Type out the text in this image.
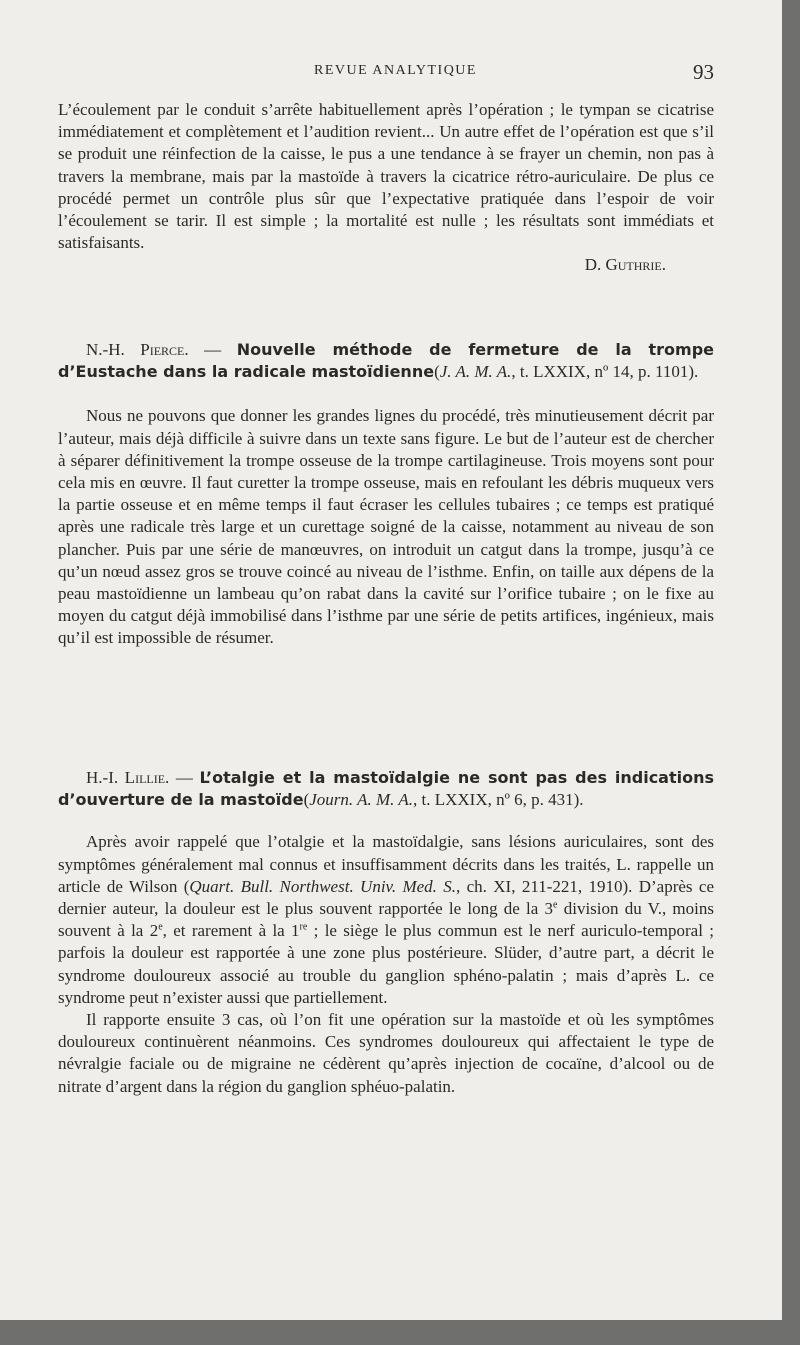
REVUE ANALYTIQUE	93

L’écoulement par le conduit s’arrête habituellement après l’opération ; le tympan se cicatrise immédiatement et complètement et l’audition revient... Un autre effet de l’opération est que s’il se produit une réinfection de la caisse, le pus a une tendance à se frayer un chemin, non pas à travers la membrane, mais par la mastoïde à travers la cicatrice rétro-auriculaire. De plus ce procédé permet un contrôle plus sûr que l’expectative pratiquée dans l’espoir de voir l’écoulement se tarir. Il est simple ; la mortalité est nulle ; les résultats sont immédiats et satisfaisants.

D. Guthrie.

N.-H. Pierce. — Nouvelle méthode de fermeture de la trompe d’Eustache dans la radicale mastoïdienne(J. A. M. A., t. LXXIX, nº 14, p. 1101).

Nous ne pouvons que donner les grandes lignes du procédé, très minutieusement décrit par l’auteur, mais déjà difficile à suivre dans un texte sans figure. Le but de l’auteur est de chercher à séparer définitivement la trompe osseuse de la trompe cartilagineuse. Trois moyens sont pour cela mis en œuvre. Il faut curetter la trompe osseuse, mais en refoulant les débris muqueux vers la partie osseuse et en même temps il faut écraser les cellules tubaires ; ce temps est pratiqué après une radicale très large et un curettage soigné de la caisse, notamment au niveau de son plancher. Puis par une série de manœuvres, on introduit un catgut dans la trompe, jusqu’à ce qu’un nœud assez gros se trouve coincé au niveau de l’isthme. Enfin, on taille aux dépens de la peau mastoïdienne un lambeau qu’on rabat dans la cavité sur l’orifice tubaire ; on le fixe au moyen du catgut déjà immobilisé dans l’isthme par une série de petits artifices, ingénieux, mais qu’il est impossible de résumer.

H.-I. Lillie. — L’otalgie et la mastoïdalgie ne sont pas des indications d’ouverture de la mastoïde(Journ. A. M. A., t. LXXIX, nº 6, p. 431).

Après avoir rappelé que l’otalgie et la mastoïdalgie, sans lésions auriculaires, sont des symptômes généralement mal connus et insuffisamment décrits dans les traités, L. rappelle un article de Wilson (Quart. Bull. Northwest. Univ. Med. S., ch. XI, 211-221, 1910). D’après ce dernier auteur, la douleur est le plus souvent rapportée le long de la 3e division du V., moins souvent à la 2e, et rarement à la 1re ; le siège le plus commun est le nerf auriculo-temporal ; parfois la douleur est rapportée à une zone plus postérieure. Slüder, d’autre part, a décrit le syndrome douloureux associé au trouble du ganglion sphéno-palatin ; mais d’après L. ce syndrome peut n’exister aussi que partiellement.

Il rapporte ensuite 3 cas, où l’on fit une opération sur la mastoïde et où les symptômes douloureux continuèrent néanmoins. Ces syndromes douloureux qui affectaient le type de névralgie faciale ou de migraine ne cédèrent qu’après injection de cocaïne, d’alcool ou de nitrate d’argent dans la région du ganglion sphéuo-palatin.
